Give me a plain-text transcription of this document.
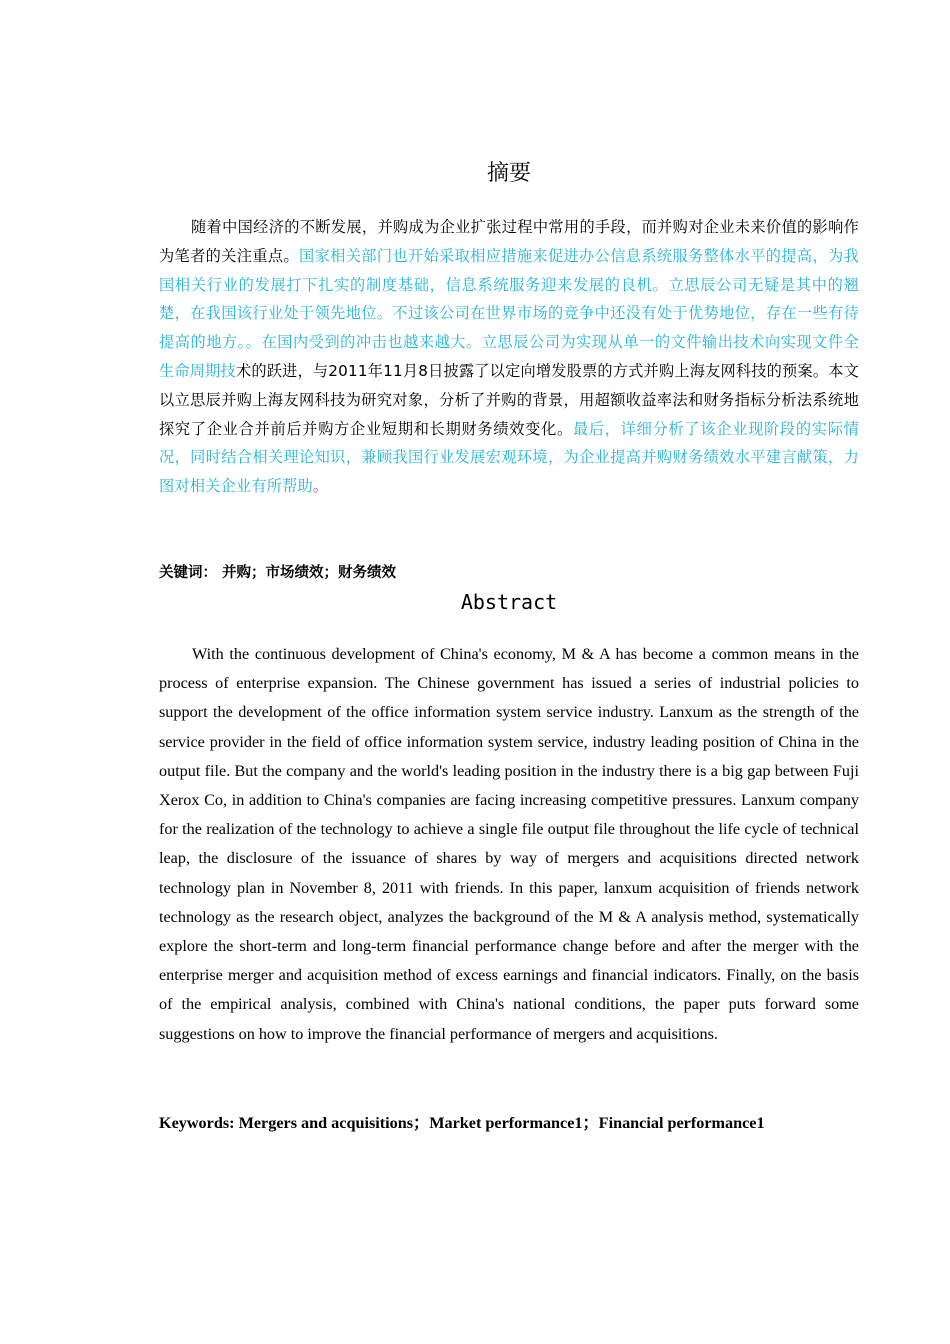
摘要
随着中国经济的不断发展，并购成为企业扩张过程中常用的手段，而并购对企业未来价值的影响作为笔者的关注重点。国家相关部门也开始采取相应措施来促进办公信息系统服务整体水平的提高，为我国相关行业的发展打下扎实的制度基础，信息系统服务迎来发展的良机。立思辰公司无疑是其中的翘楚，在我国该行业处于领先地位。不过该公司在世界市场的竞争中还没有处于优势地位，存在一些有待提高的地方。。在国内受到的冲击也越来越大。立思辰公司为实现从单一的文件输出技术向实现文件全生命周期技术的跃进，与2011年11月8日披露了以定向增发股票的方式并购上海友网科技的预案。本文以立思辰并购上海友网科技为研究对象，分析了并购的背景，用超额收益率法和财务指标分析法系统地探究了企业合并前后并购方企业短期和长期财务绩效变化。最后，详细分析了该企业现阶段的实际情况，同时结合相关理论知识，兼顾我国行业发展宏观环境，为企业提高并购财务绩效水平建言献策，力图对相关企业有所帮助。
关键词： 并购；市场绩效；财务绩效
Abstract
With the continuous development of China's economy, M & A has become a common means in the process of enterprise expansion. The Chinese government has issued a series of industrial policies to support the development of the office information system service industry. Lanxum as the strength of the service provider in the field of office information system service, industry leading position of China in the output file. But the company and the world's leading position in the industry there is a big gap between Fuji Xerox Co, in addition to China's companies are facing increasing competitive pressures. Lanxum company for the realization of the technology to achieve a single file output file throughout the life cycle of technical leap, the disclosure of the issuance of shares by way of mergers and acquisitions directed network technology plan in November 8, 2011 with friends. In this paper, lanxum acquisition of friends network technology as the research object, analyzes the background of the M & A analysis method, systematically explore the short-term and long-term financial performance change before and after the merger with the enterprise merger and acquisition method of excess earnings and financial indicators. Finally, on the basis of the empirical analysis, combined with China's national conditions, the paper puts forward some suggestions on how to improve the financial performance of mergers and acquisitions.
Keywords: Mergers and acquisitions；Market performance1；Financial performance1
